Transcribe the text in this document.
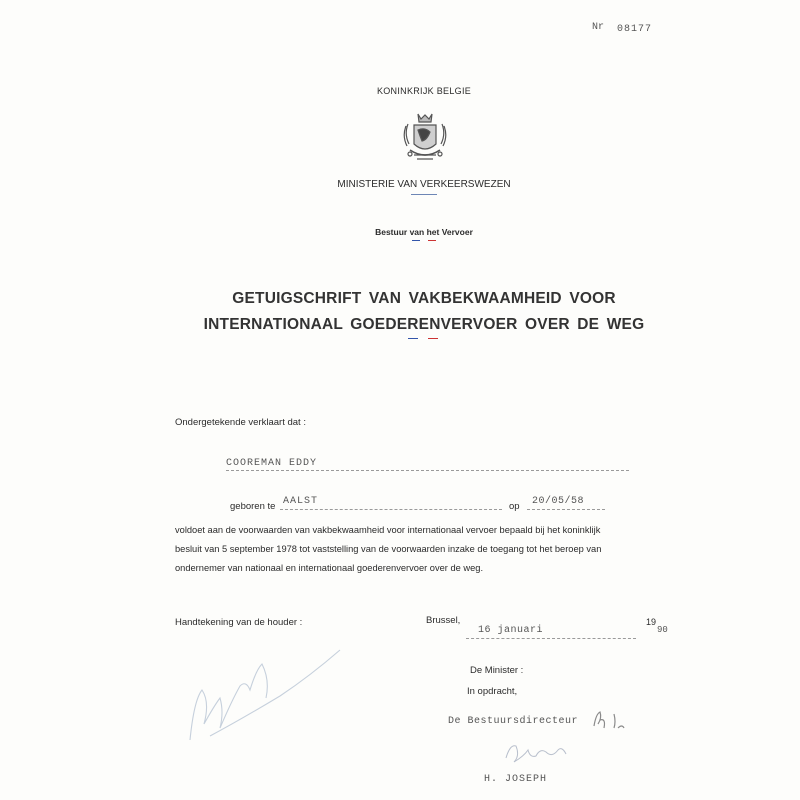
Nr 08177
KONINKRIJK BELGIE
MINISTERIE VAN VERKEERSWEZEN
Bestuur van het Vervoer
GETUIGSCHRIFT VAN VAKBEKWAAMHEID VOOR
INTERNATIONAAL GOEDERENVERVOER OVER DE WEG
Ondergetekende verklaart dat :
COOREMAN EDDY
geboren te AALST	op 20/05/58
voldoet aan de voorwaarden van vakbekwaamheid voor internationaal vervoer bepaald bij het koninklijk
besluit van 5 september 1978 tot vaststelling van de voorwaarden inzake de toegang tot het beroep van
ondernemer van nationaal en internationaal goederenvervoer over de weg.
Handtekening van de houder :	Brussel,
16 januari
19
90
De Minister :
In opdracht,
De Bestuursdirecteur
H. JOSEPH
